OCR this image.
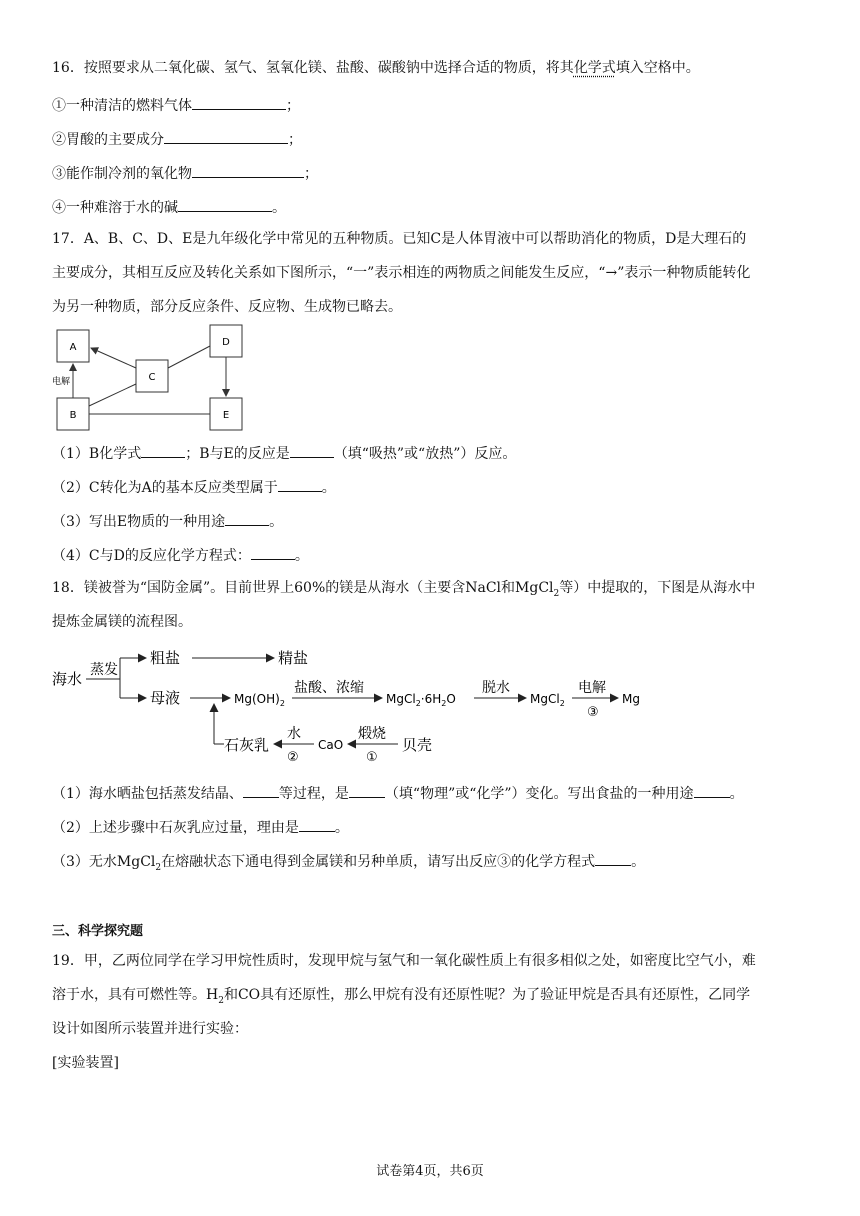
16．按照要求从二氧化碳、氢气、氢氧化镁、盐酸、碳酸钠中选择合适的物质，将其化学式填入空格中。
①一种清洁的燃料气体	；
②胃酸的主要成分	；
③能作制冷剂的氧化物	；
④一种难溶于水的碱	。
17．A、B、C、D、E是九年级化学中常见的五种物质。已知C是人体胃液中可以帮助消化的物质，D是大理石的
主要成分，其相互反应及转化关系如下图所示，“一”表示相连的两物质之间能发生反应，“→”表示一种物质能转化
为另一种物质，部分反应条件、反应物、生成物已略去。
A
B
C
D
E
电解
（1）B化学式	；B与E的反应是	（填“吸热”或“放热”）反应。
（2）C转化为A的基本反应类型属于	。
（3）写出E物质的一种用途	。
（4）C与D的反应化学方程式：	。
18．镁被誉为“国防金属”。目前世界上60%的镁是从海水（主要含NaCl和MgCl$_2$等）中提取的，下图是从海水中
提炼金属镁的流程图。
海水 蒸发
粗盐	精盐
母液	$Mg(OH)_2$
盐酸、浓缩
$MgCl_2\cdot 6H_2O$
脱水
MgCl$_2$
电解
③
Mg
石灰乳
水
②
CaO
煅烧
①
贝壳
（1）海水晒盐包括蒸发结晶、	等过程，是	（填“物理”或“化学”）变化。写出食盐的一种用途	。
（2）上述步骤中石灰乳应过量，理由是	。
（3）无水MgCl$_2$在熔融状态下通电得到金属镁和另种单质，请写出反应③的化学方程式	。
三、科学探究题
19．甲，乙两位同学在学习甲烷性质时，发现甲烷与氢气和一氧化碳性质上有很多相似之处，如密度比空气小，难
溶于水，具有可燃性等。$H_2$和CO具有还原性，那么甲烷有没有还原性呢？为了验证甲烷是否具有还原性，乙同学
设计如图所示装置并进行实验：
[实验装置]
试卷第4页，共6页
